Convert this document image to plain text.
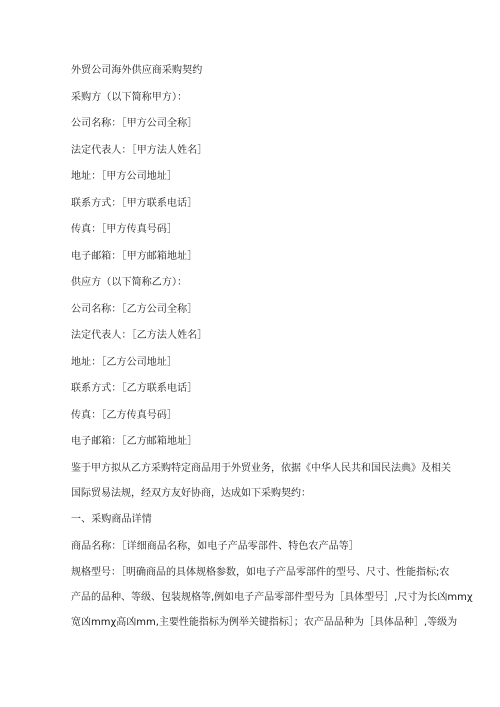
外贸公司海外供应商采购契约
采购方（以下简称甲方）：
公司名称：［甲方公司全称］
法定代表人：［甲方法人姓名］
地址：［甲方公司地址］
联系方式：［甲方联系电话］
传真：［甲方传真号码］
电子邮箱：［甲方邮箱地址］
供应方（以下简称乙方）：
公司名称：［乙方公司全称］
法定代表人：［乙方法人姓名］
地址：［乙方公司地址］
联系方式：［乙方联系电话］
传真：［乙方传真号码］
电子邮箱：［乙方邮箱地址］
鉴于甲方拟从乙方采购特定商品用于外贸业务，依据《中华人民共和国民法典》及相关
国际贸易法规，经双方友好协商，达成如下采购契约：
一、采购商品详情
商品名称：［详细商品名称，如电子产品零部件、特色农产品等］
规格型号：［明确商品的具体规格参数，如电子产品零部件的型号、尺寸、性能指标;农
产品的品种、等级、包装规格等,例如电子产品零部件型号为［具体型号］,尺寸为长凶mmχ
宽凶mmχ高凶mm,主要性能指标为例举关键指标］；农产品品种为［具体品种］,等级为
